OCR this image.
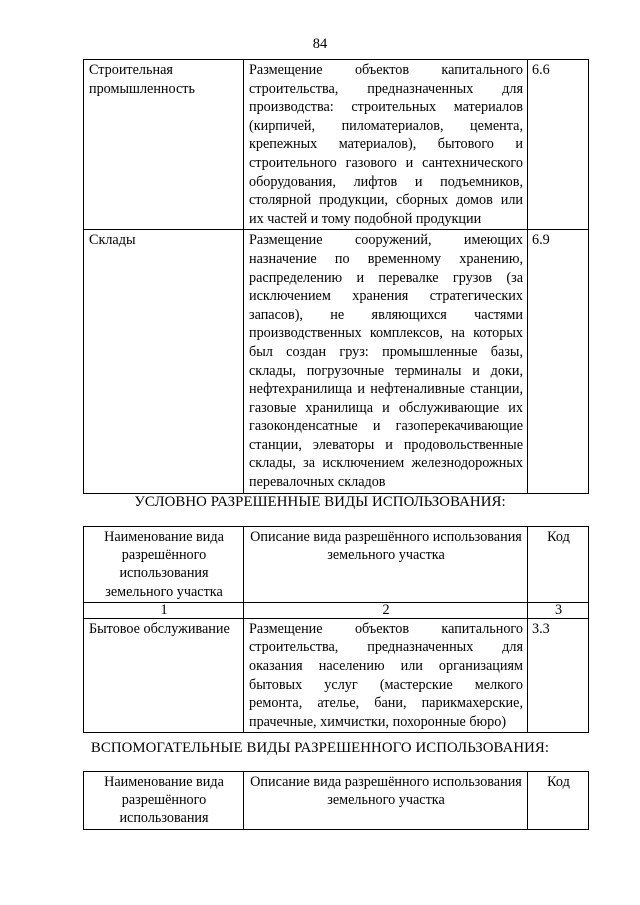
84
Строительная промышленность	Размещение объектов капитального строительства, предназначенных для производства: строительных материалов (кирпичей, пиломатериалов, цемента, крепежных материалов), бытового и строительного газового и сантехнического оборудования, лифтов и подъемников, столярной продукции, сборных домов или их частей и тому подобной продукции	6.6
Склады	Размещение сооружений, имеющих назначение по временному хранению, распределению и перевалке грузов (за исключением хранения стратегических запасов), не являющихся частями производственных комплексов, на которых был создан груз: промышленные базы, склады, погрузочные терминалы и доки, нефтехранилища и нефтеналивные станции, газовые хранилища и обслуживающие их газоконденсатные и газоперекачивающие станции, элеваторы и продовольственные склады, за исключением железнодорожных перевалочных складов	6.9
УСЛОВНО РАЗРЕШЕННЫЕ ВИДЫ ИСПОЛЬЗОВАНИЯ:
Наименование вида разрешённого использования земельного участка	Описание вида разрешённого использования земельного участка	Код
1	2	3
Бытовое обслуживание	Размещение объектов капитального строительства, предназначенных для оказания населению или организациям бытовых услуг (мастерские мелкого ремонта, ателье, бани, парикмахерские, прачечные, химчистки, похоронные бюро)	3.3
ВСПОМОГАТЕЛЬНЫЕ ВИДЫ РАЗРЕШЕННОГО ИСПОЛЬЗОВАНИЯ:
Наименование вида разрешённого использования	Описание вида разрешённого использования земельного участка	Код
